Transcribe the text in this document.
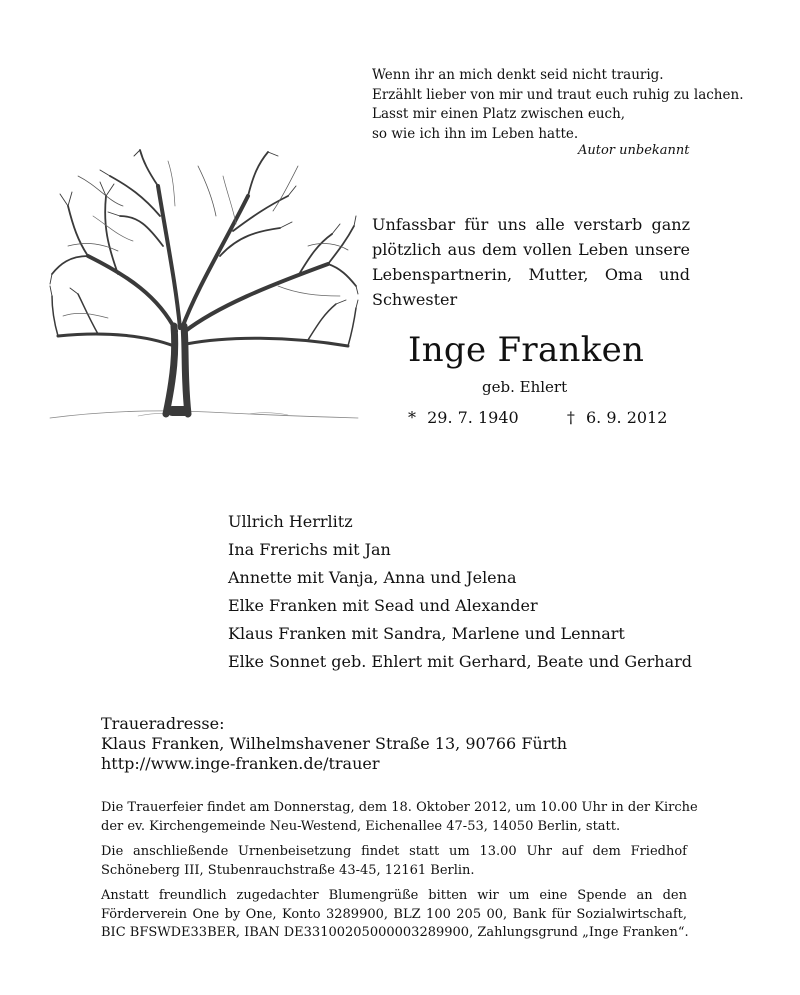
Wenn ihr an mich denkt seid nicht traurig.
Erzählt lieber von mir und traut euch ruhig zu lachen.
Lasst mir einen Platz zwischen euch,
so wie ich ihn im Leben hatte.
Autor unbekannt
Unfassbar für uns alle verstarb ganz
plötzlich aus dem vollen Leben unsere
Lebenspartnerin, Mutter, Oma und
Schwester
Inge Franken
geb. Ehlert
* 29. 7. 1940	† 6. 9. 2012
Ullrich Herrlitz
Ina Frerichs mit Jan
Annette mit Vanja, Anna und Jelena
Elke Franken mit Sead und Alexander
Klaus Franken mit Sandra, Marlene und Lennart
Elke Sonnet geb. Ehlert mit Gerhard, Beate und Gerhard
Traueradresse:
Klaus Franken, Wilhelmshavener Straße 13, 90766 Fürth
http://www.inge-franken.de/trauer
Die Trauerfeier findet am Donnerstag, dem 18. Oktober 2012, um 10.00 Uhr in der Kirche
der ev. Kirchengemeinde Neu-Westend, Eichenallee 47-53, 14050 Berlin, statt.
Die anschließende Urnenbeisetzung findet statt um 13.00 Uhr auf dem Friedhof
Schöneberg III, Stubenrauchstraße 43-45, 12161 Berlin.
Anstatt freundlich zugedachter Blumengrüße bitten wir um eine Spende an den
Förderverein One by One, Konto 3289900, BLZ 100 205 00, Bank für Sozialwirtschaft,
BIC BFSWDE33BER, IBAN DE33100205000003289900, Zahlungsgrund „Inge Franken“.
